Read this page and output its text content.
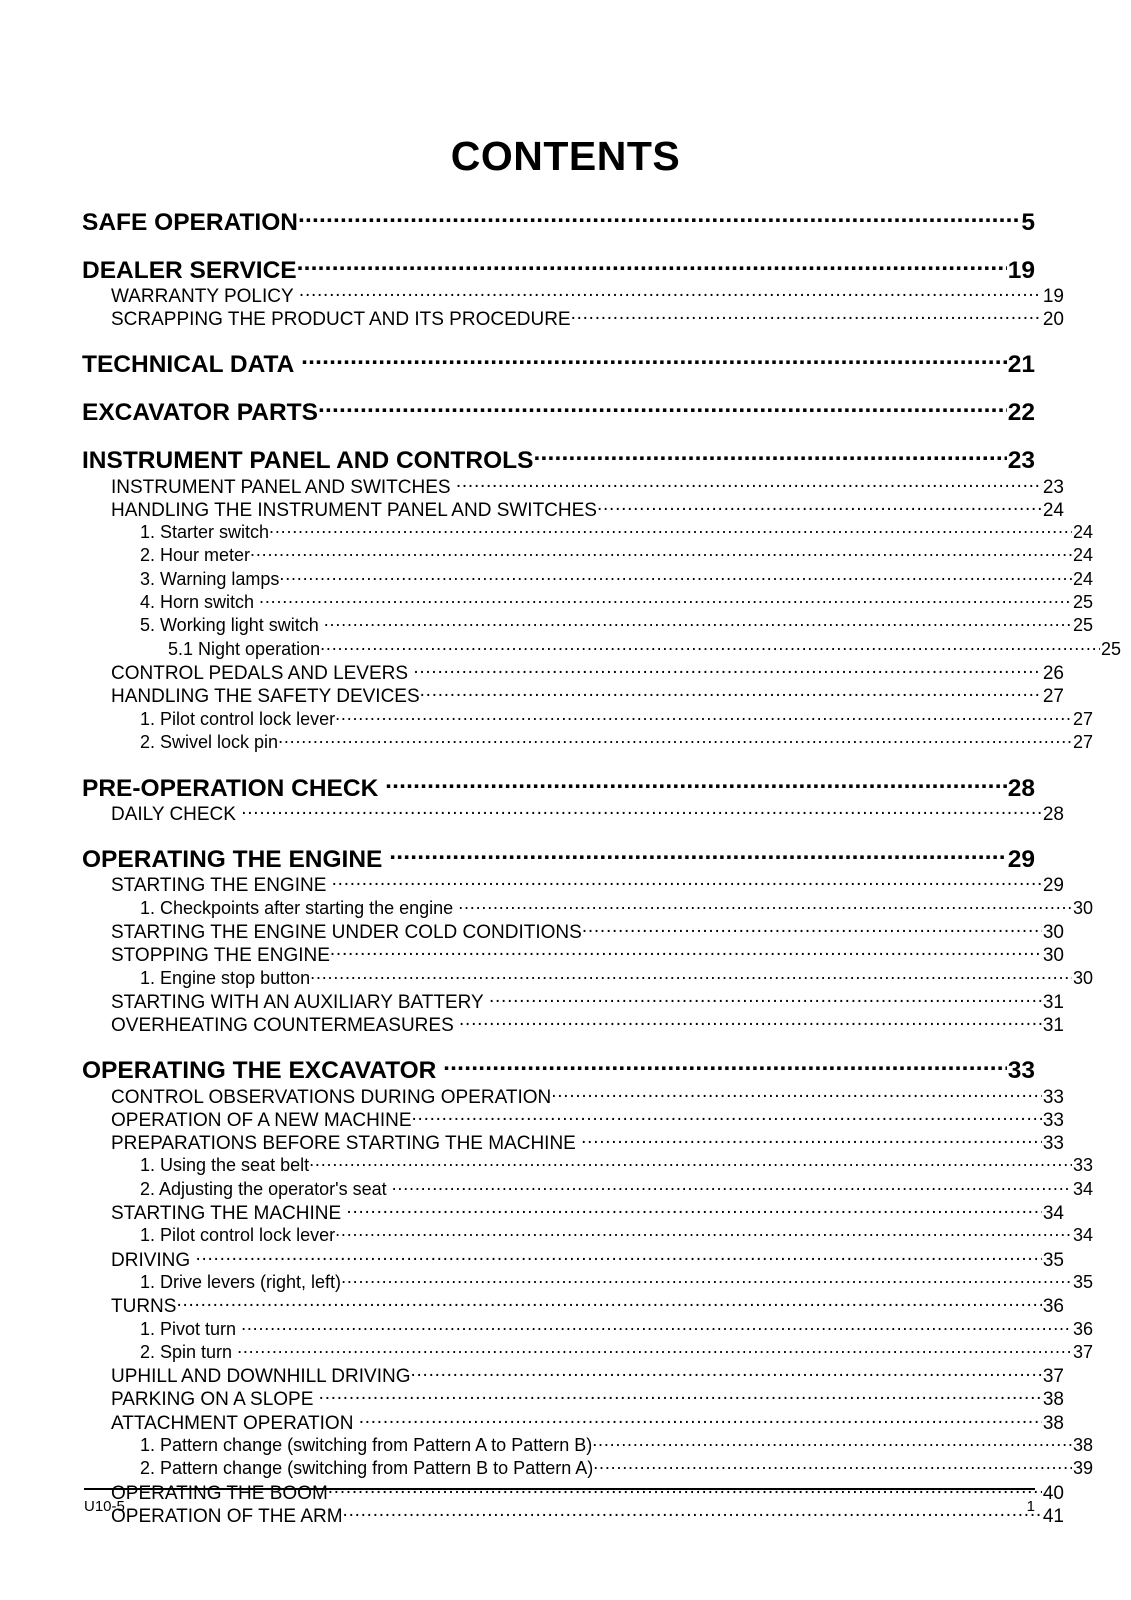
CONTENTS
SAFE OPERATION .....	5
DEALER SERVICE .....	19
WARRANTY POLICY .....	19
SCRAPPING THE PRODUCT AND ITS PROCEDURE .....	20
TECHNICAL DATA .....	21
EXCAVATOR PARTS .....	22
INSTRUMENT PANEL AND CONTROLS .....	23
INSTRUMENT PANEL AND SWITCHES .....	23
HANDLING THE INSTRUMENT PANEL AND SWITCHES .....	24
1. Starter switch .....	24
2. Hour meter .....	24
3. Warning lamps .....	24
4. Horn switch .....	25
5. Working light switch .....	25
5.1 Night operation .....	25
CONTROL PEDALS AND LEVERS .....	26
HANDLING THE SAFETY DEVICES .....	27
1. Pilot control lock lever .....	27
2. Swivel lock pin .....	27
PRE-OPERATION CHECK .....	28
DAILY CHECK .....	28
OPERATING THE ENGINE .....	29
STARTING THE ENGINE .....	29
1. Checkpoints after starting the engine .....	30
STARTING THE ENGINE UNDER COLD CONDITIONS .....	30
STOPPING THE ENGINE .....	30
1. Engine stop button .....	30
STARTING WITH AN AUXILIARY BATTERY .....	31
OVERHEATING COUNTERMEASURES .....	31
OPERATING THE EXCAVATOR .....	33
CONTROL OBSERVATIONS DURING OPERATION .....	33
OPERATION OF A NEW MACHINE .....	33
PREPARATIONS BEFORE STARTING THE MACHINE .....	33
1. Using the seat belt .....	33
2. Adjusting the operator's seat .....	34
STARTING THE MACHINE .....	34
1. Pilot control lock lever .....	34
DRIVING .....	35
1. Drive levers (right, left) .....	35
TURNS .....	36
1. Pivot turn .....	36
2. Spin turn .....	37
UPHILL AND DOWNHILL DRIVING .....	37
PARKING ON A SLOPE .....	38
ATTACHMENT OPERATION .....	38
1. Pattern change (switching from Pattern A to Pattern B) .....	38
2. Pattern change (switching from Pattern B to Pattern A) .....	39
OPERATING THE BOOM .....	40
OPERATION OF THE ARM .....	41
U10-5	1
